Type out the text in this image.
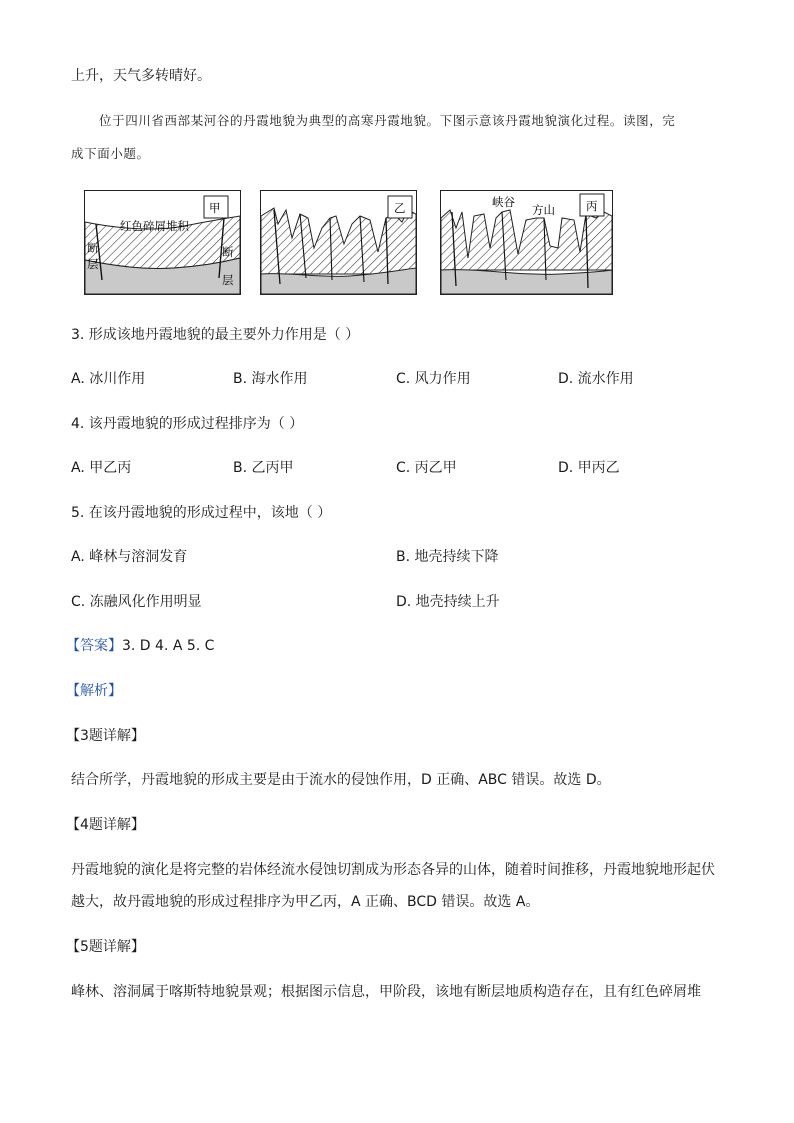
上升，天气多转晴好。
位于四川省西部某河谷的丹霞地貌为典型的高寒丹霞地貌。下图示意该丹霞地貌演化过程。读图，完
成下面小题。
甲
红色碎屑堆积
断
层
断
层
乙	丙
峡谷
方山
3. 形成该地丹霞地貌的最主要外力作用是（ ）
A. 冰川作用	B. 海水作用	C. 风力作用	D. 流水作用
4. 该丹霞地貌的形成过程排序为（ ）
A. 甲乙丙	B. 乙丙甲	C. 丙乙甲	D. 甲丙乙
5. 在该丹霞地貌的形成过程中，该地（ ）
A. 峰林与溶洞发育	B. 地壳持续下降
C. 冻融风化作用明显	D. 地壳持续上升
【答案】3. D 4. A 5. C
【解析】
【3题详解】
结合所学，丹霞地貌的形成主要是由于流水的侵蚀作用，D 正确、ABC 错误。故选 D。
【4题详解】
丹霞地貌的演化是将完整的岩体经流水侵蚀切割成为形态各异的山体，随着时间推移，丹霞地貌地形起伏
越大，故丹霞地貌的形成过程排序为甲乙丙，A 正确、BCD 错误。故选 A。
【5题详解】
峰林、溶洞属于喀斯特地貌景观；根据图示信息，甲阶段，该地有断层地质构造存在，且有红色碎屑堆
